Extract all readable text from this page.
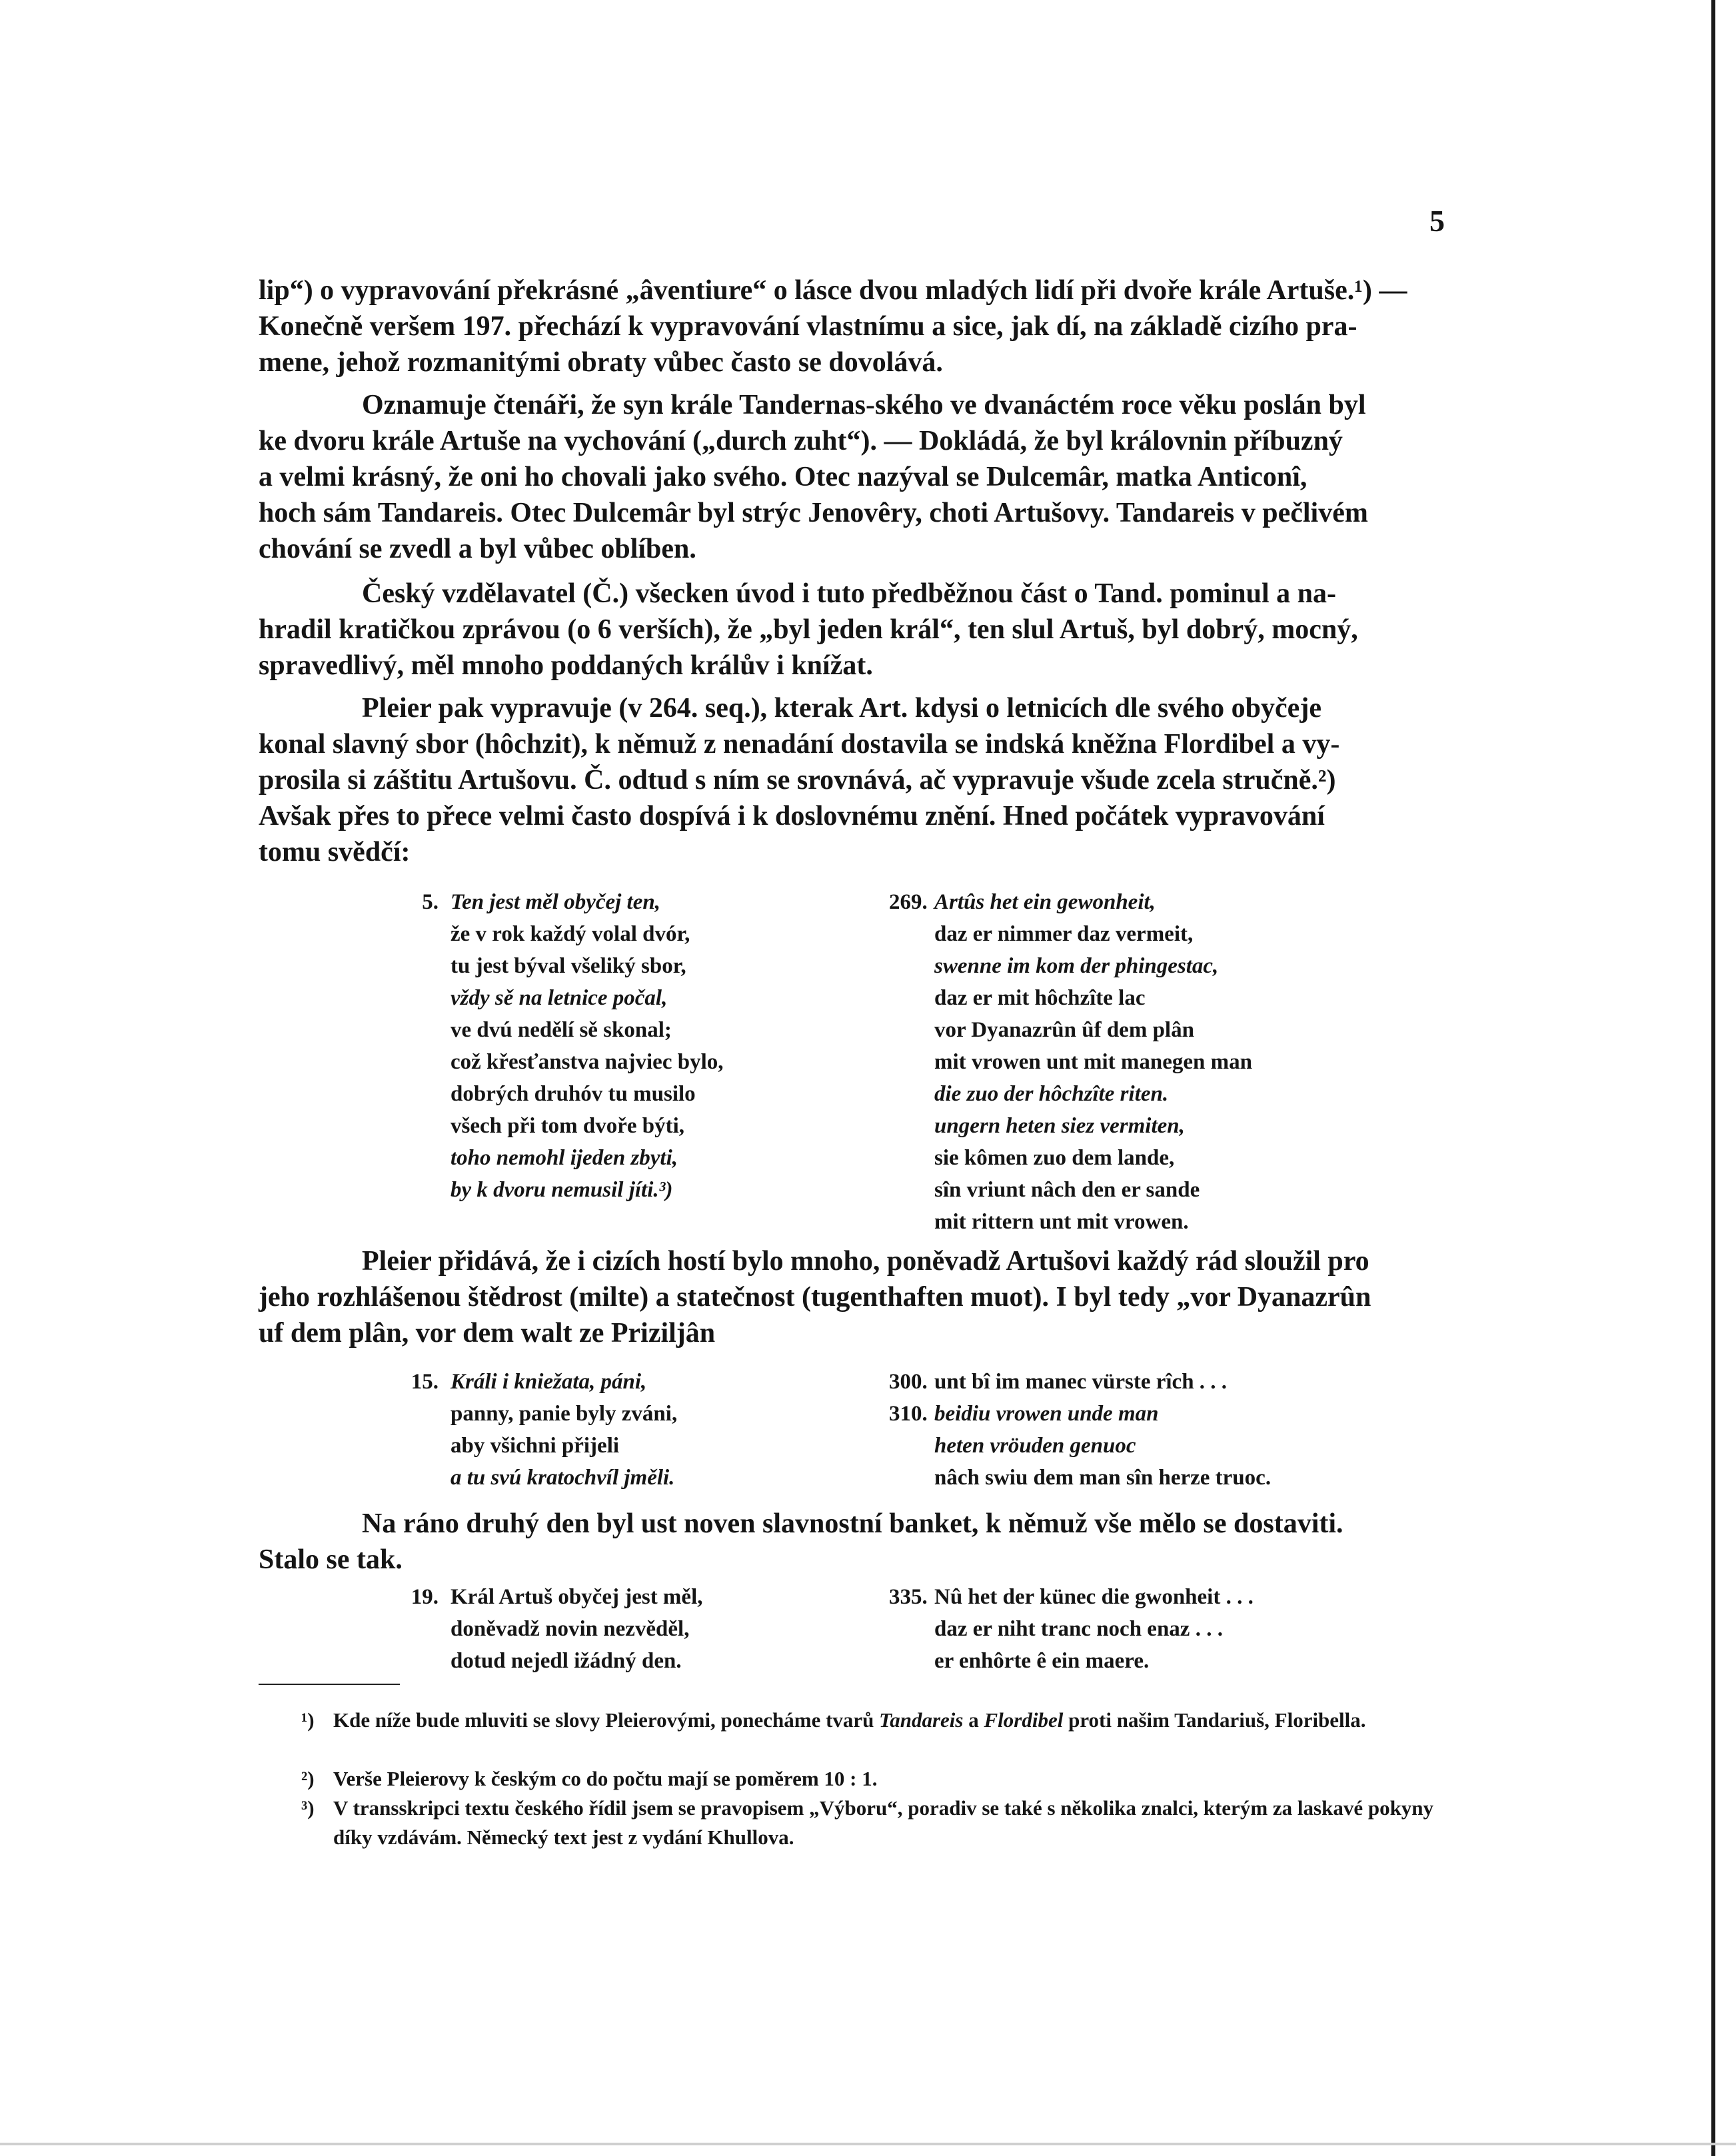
5

lip“) o vypravování překrásné „âventiure“ o lásce dvou mladých lidí při dvoře krále Artuše.¹) —
Konečně veršem 197. přechází k vypravování vlastnímu a sice, jak dí, na základě cizího pra-
mene, jehož rozmanitými obraty vůbec často se dovolává.

Oznamuje čtenáři, že syn krále Tandernas-ského ve dvanáctém roce věku poslán byl
ke dvoru krále Artuše na vychování („durch zuht“). — Dokládá, že byl královnin příbuzný
a velmi krásný, že oni ho chovali jako svého. Otec nazýval se Dulcemâr, matka Anticonî,
hoch sám Tandareis. Otec Dulcemâr byl strýc Jenovêry, choti Artušovy. Tandareis v pečlivém
chování se zvedl a byl vůbec oblíben.

Český vzdělavatel (Č.) všecken úvod i tuto předběžnou část o Tand. pominul a na-
hradil kratičkou zprávou (o 6 verších), že „byl jeden král“, ten slul Artuš, byl dobrý, mocný,
spravedlivý, měl mnoho poddaných králův i knížat.

Pleier pak vypravuje (v 264. seq.), kterak Art. kdysi o letnicích dle svého obyčeje
konal slavný sbor (hôchzit), k němuž z nenadání dostavila se indská kněžna Flordibel a vy-
prosila si záštitu Artušovu. Č. odtud s ním se srovnává, ač vypravuje všude zcela stručně.²)
Avšak přes to přece velmi často dospívá i k doslovnému znění. Hned počátek vypravování
tomu svědčí:

5. Ten jest měl obyčej ten,
že v rok každý volal dvór,
tu jest býval všeliký sbor,
vždy sě na letnice počal,
ve dvú nedělí sě skonal;
což křesťanstva najviec bylo,
dobrých druhóv tu musilo
všech při tom dvoře býti,
toho nemohl ijeden zbyti,
by k dvoru nemusil jíti.³)
269. Artûs het ein gewonheit,
daz er nimmer daz vermeit,
swenne im kom der phingestac,
daz er mit hôchzîte lac
vor Dyanazrûn ûf dem plân
mit vrowen unt mit manegen man
die zuo der hôchzîte riten.
ungern heten siez vermiten,
sie kômen zuo dem lande,
sîn vriunt nâch den er sande
mit rittern unt mit vrowen.

Pleier přidává, že i cizích hostí bylo mnoho, poněvadž Artušovi každý rád sloužil pro
jeho rozhlášenou štědrost (milte) a statečnost (tugenthaften muot). I byl tedy „vor Dyanazrûn
uf dem plân, vor dem walt ze Priziljân

15. Králi i kniežata, páni,
panny, panie byly zváni,
aby všichni přijeli
a tu svú kratochvíl jměli.
300. unt bî im manec vürste rîch . . .
310. beidiu vrowen unde man
heten vröuden genuoc
nâch swiu dem man sîn herze truoc.

Na ráno druhý den byl ust noven slavnostní banket, k němuž vše mělo se dostaviti.
Stalo se tak.

19. Král Artuš obyčej jest měl,
doněvadž novin nezvěděl,
dotud nejedl ižádný den.
335. Nû het der künec die gwonheit . . .
daz er niht tranc noch enaz . . .
er enhôrte ê ein maere.
¹) Kde níže bude mluviti se slovy Pleierovými, ponecháme tvarů Tandareis a Flordibel proti našim Tandariuš, Floribella.
²) Verše Pleierovy k českým co do počtu mají se poměrem 10 : 1.
³) V transskripci textu českého řídil jsem se pravopisem „Výboru“, poradiv se také s několika znalci, kterým za laskavé pokyny díky vzdávám. Německý text jest z vydání Khullova.
